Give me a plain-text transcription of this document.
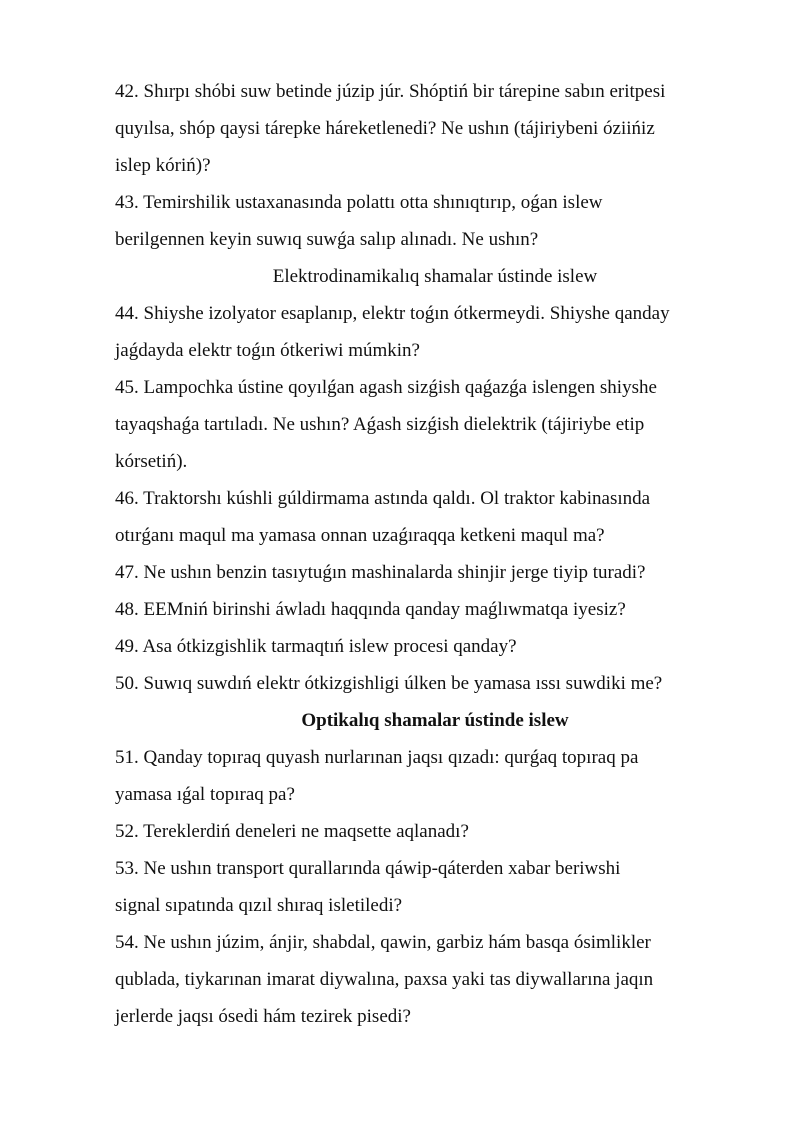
42. Shırpı shóbi suw betinde júzip júr. Shóptiń bir tárepine sabın eritpesi
quyılsa, shóp qaysi tárepke háreketlenedi? Ne ushın (tájiriybeni óziińiz
islep kóriń)?
43. Temirshilik ustaxanasında polattı otta shınıqtırıp, oǵan islew
berilgennen keyin suwıq suwǵa salıp alınadı. Ne ushın?
Elektrodinamikalıq shamalar ústinde islew
44. Shiyshe izolyator esaplanıp, elektr toǵın ótkermeydi. Shiyshe qanday
jaǵdayda elektr toǵın ótkeriwi múmkin?
45. Lampochka ústine qoyılǵan agash sizǵish qaǵazǵa islengen shiyshe
tayaqshaǵa tartıladı. Ne ushın? Aǵash sizǵish dielektrik (tájiriybe etip
kórsetiń).
46. Traktorshı kúshli gúldirmama astında qaldı. Ol traktor kabinasında
otırǵanı maqul ma yamasa onnan uzaǵıraqqa ketkeni maqul ma?
47. Ne ushın benzin tasıytuǵın mashinalarda shinjir jerge tiyip turadi?
48. EEMniń birinshi áwladı haqqında qanday maǵlıwmatqa iyesiz?
49. Asa ótkizgishlik tarmaqtıń islew procesi qanday?
50. Suwıq suwdıń elektr ótkizgishligi úlken be yamasa ıssı suwdiki me?
Optikalıq shamalar ústinde islew
51. Qanday topıraq quyash nurlarınan jaqsı qızadı: qurǵaq topıraq pa
yamasa ıǵal topıraq pa?
52. Tereklerdiń deneleri ne maqsette aqlanadı?
53. Ne ushın transport qurallarında qáwip-qáterden xabar beriwshi
signal sıpatında qızıl shıraq isletiledi?
54. Ne ushın júzim, ánjir, shabdal, qawin, garbiz hám basqa ósimlikler
qublada, tiykarınan imarat diywalına, paxsa yaki tas diywallarına jaqın
jerlerde jaqsı ósedi hám tezirek pisedi?
